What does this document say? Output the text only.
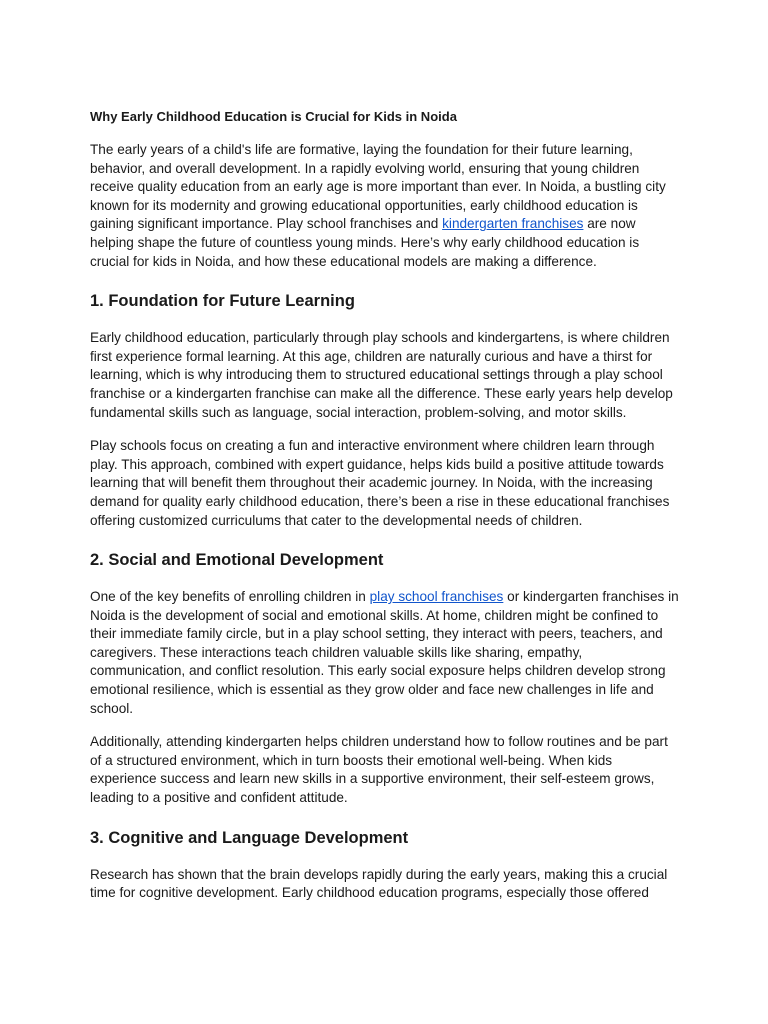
Why Early Childhood Education is Crucial for Kids in Noida

The early years of a child's life are formative, laying the foundation for their future learning, behavior, and overall development. In a rapidly evolving world, ensuring that young children receive quality education from an early age is more important than ever. In Noida, a bustling city known for its modernity and growing educational opportunities, early childhood education is gaining significant importance. Play school franchises and kindergarten franchises are now helping shape the future of countless young minds. Here’s why early childhood education is crucial for kids in Noida, and how these educational models are making a difference.

1. Foundation for Future Learning

Early childhood education, particularly through play schools and kindergartens, is where children first experience formal learning. At this age, children are naturally curious and have a thirst for learning, which is why introducing them to structured educational settings through a play school franchise or a kindergarten franchise can make all the difference. These early years help develop fundamental skills such as language, social interaction, problem-solving, and motor skills.

Play schools focus on creating a fun and interactive environment where children learn through play. This approach, combined with expert guidance, helps kids build a positive attitude towards learning that will benefit them throughout their academic journey. In Noida, with the increasing demand for quality early childhood education, there’s been a rise in these educational franchises offering customized curriculums that cater to the developmental needs of children.

2. Social and Emotional Development

One of the key benefits of enrolling children in play school franchises or kindergarten franchises in Noida is the development of social and emotional skills. At home, children might be confined to their immediate family circle, but in a play school setting, they interact with peers, teachers, and caregivers. These interactions teach children valuable skills like sharing, empathy, communication, and conflict resolution. This early social exposure helps children develop strong emotional resilience, which is essential as they grow older and face new challenges in life and school.

Additionally, attending kindergarten helps children understand how to follow routines and be part of a structured environment, which in turn boosts their emotional well-being. When kids experience success and learn new skills in a supportive environment, their self-esteem grows, leading to a positive and confident attitude.

3. Cognitive and Language Development

Research has shown that the brain develops rapidly during the early years, making this a crucial time for cognitive development. Early childhood education programs, especially those offered
